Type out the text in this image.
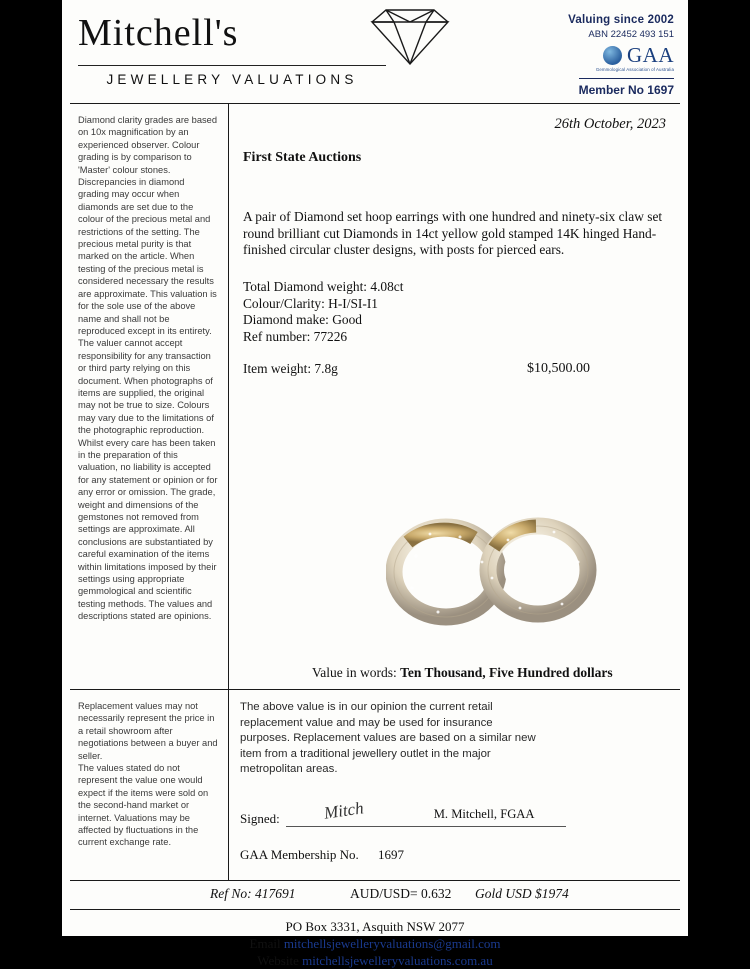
Mitchell's
JEWELLERY VALUATIONS
Valuing since 2002
ABN 22452 493 151
GAA
Gemmological Association of Australia
Member No 1697

Diamond clarity grades are based on 10x magnification by an experienced observer. Colour grading is by comparison to 'Master' colour stones. Discrepancies in diamond grading may occur when diamonds are set due to the colour of the precious metal and restrictions of the setting. The precious metal purity is that marked on the article. When testing of the precious metal is considered necessary the results are approximate. This valuation is for the sole use of the above name and shall not be reproduced except in its entirety. The valuer cannot accept responsibility for any transaction or third party relying on this document. When photographs of items are supplied, the original may not be true to size. Colours may vary due to the limitations of the photographic reproduction. Whilst every care has been taken in the preparation of this valuation, no liability is accepted for any statement or opinion or for any error or omission. The grade, weight and dimensions of the gemstones not removed from settings are approximate. All conclusions are substantiated by careful examination of the items within limitations imposed by their settings using appropriate gemmological and scientific testing methods. The values and descriptions stated are opinions.

26th October, 2023
First State Auctions
A pair of Diamond set hoop earrings with one hundred and ninety-six claw set round brilliant cut Diamonds in 14ct yellow gold stamped 14K hinged Hand-finished circular cluster designs, with posts for pierced ears.
Total Diamond weight: 4.08ct
Colour/Clarity: H-I/SI-I1
Diamond make: Good
Ref number: 77226
Item weight: 7.8g	$10,500.00
Value in words: Ten Thousand, Five Hundred dollars

Replacement values may not necessarily represent the price in a retail showroom after negotiations between a buyer and seller.

The values stated do not represent the value one would expect if the items were sold on the second-hand market or internet. Valuations may be affected by fluctuations in the current exchange rate.

The above value is in our opinion the current retail replacement value and may be used for insurance purposes. Replacement values are based on a similar new item from a traditional jewellery outlet in the major metropolitan areas.
Signed:	Mitch	M. Mitchell, FGAA
GAA Membership No. 1697
Ref No: 417691	AUD/USD= 0.632 Gold USD $1974
PO Box 3331, Asquith NSW 2077
Email mitchellsjewelleryvaluations@gmail.com
Website mitchellsjewelleryvaluations.com.au
